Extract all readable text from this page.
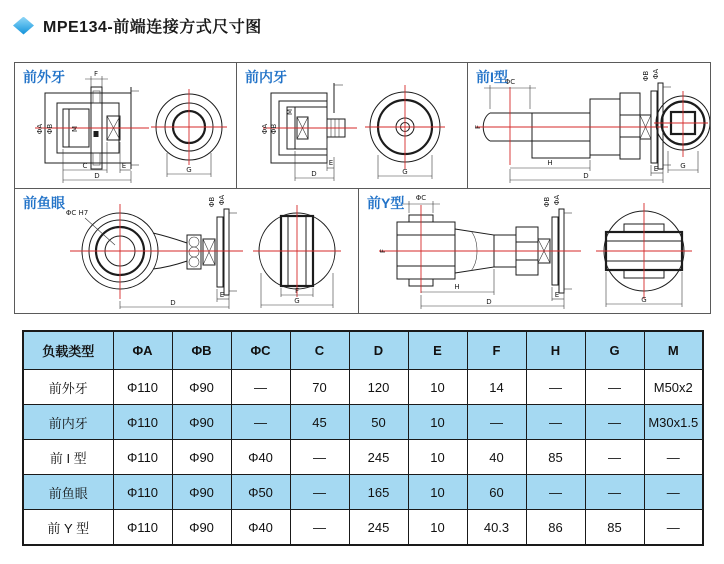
MPE134-前端连接方式尺寸图
前外牙	F
ΦA ΦB M
C	E
D
G
前内牙
ΦA ΦB
M
E
D	G
前I型
ΦC
F
ΦB ΦA
H
E
D
G
前鱼眼
ΦC H7
ΦB ΦA
E
D
F
G
前Y型 ΦC
F
ΦB ΦA
H
E
D	G
负载类型	ΦA	ΦB	ΦC	C	D	E	F	H	G	M
前外牙	Φ110	Φ90	—	70	120	10	14	—	—	M50x2
前内牙	Φ110	Φ90	—	45	50	10	—	—	—	M30x1.5
前 I 型	Φ110	Φ90	Φ40	—	245	10	40	85	—	—
前鱼眼	Φ110	Φ90	Φ50	—	165	10	60	—	—	—
前 Y 型	Φ110	Φ90	Φ40	—	245	10	40.3	86	85	—
